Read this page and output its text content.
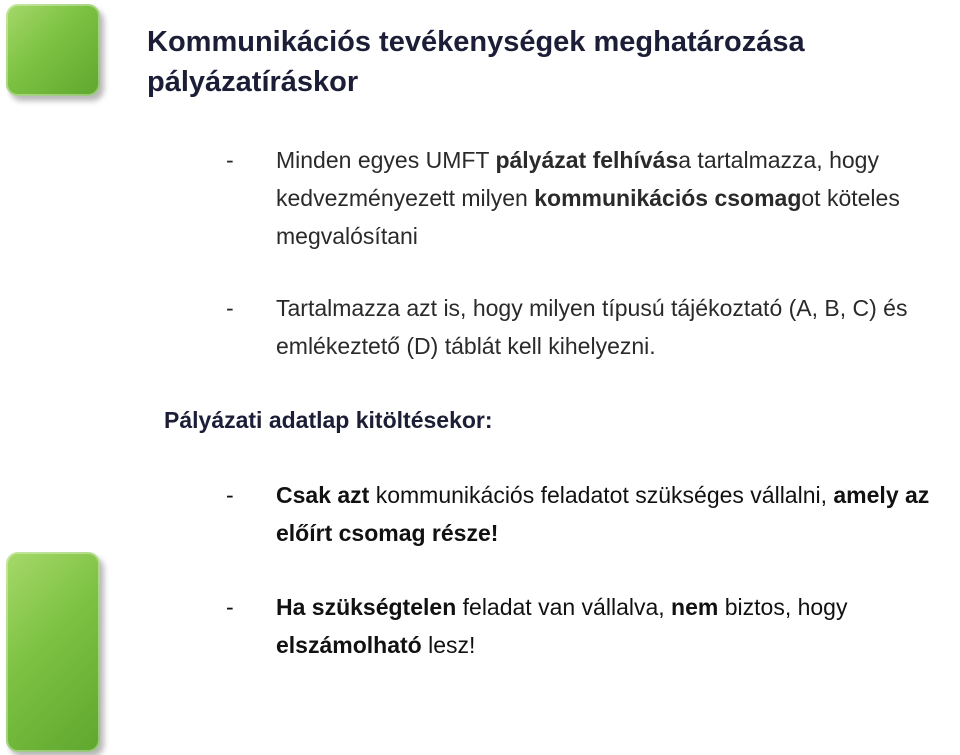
Kommunikációs tevékenységek meghatározása pályázatíráskor
- Minden egyes UMFT pályázat felhívása tartalmazza, hogy kedvezményezett milyen kommunikációs csomagot köteles megvalósítani
- Tartalmazza azt is, hogy milyen típusú tájékoztató (A, B, C) és emlékeztető (D) táblát kell kihelyezni.
Pályázati adatlap kitöltésekor:
- Csak azt kommunikációs feladatot szükséges vállalni, amely az előírt csomag része!
- Ha szükségtelen feladat van vállalva, nem biztos, hogy elszámolható lesz!
